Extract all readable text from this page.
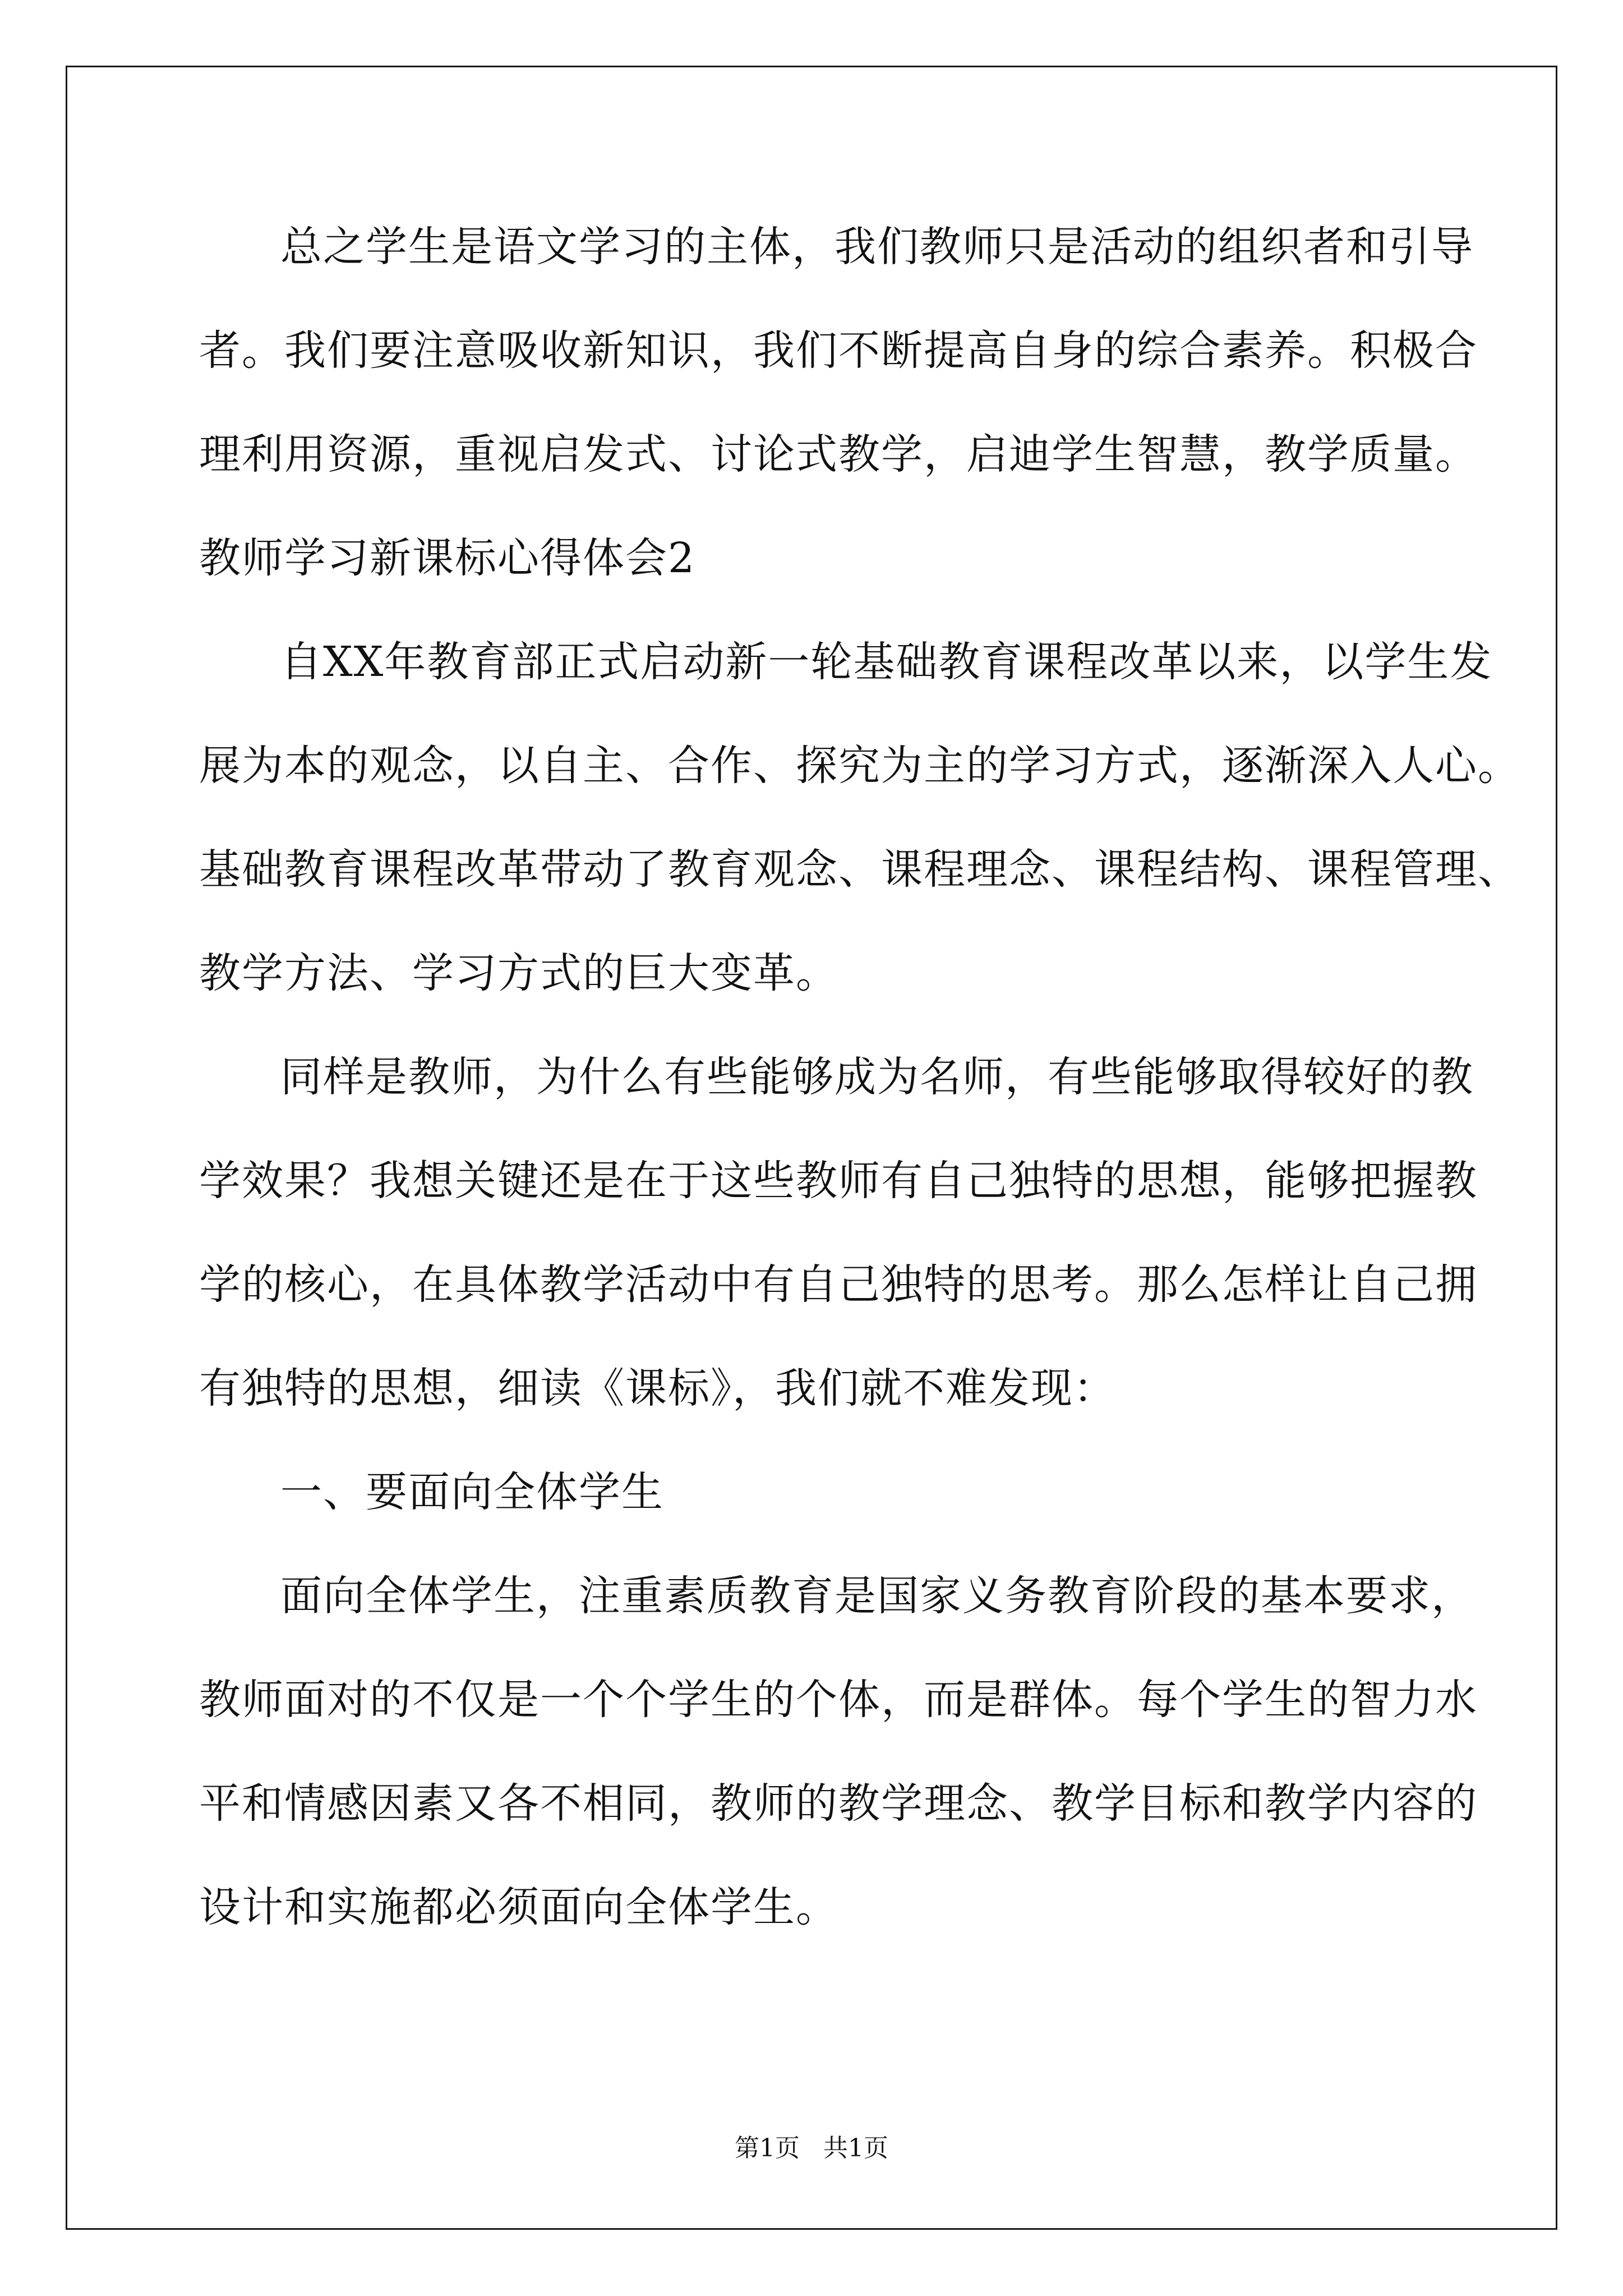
总之学生是语文学习的主体，我们教师只是活动的组织者和引导
者。我们要注意吸收新知识，我们不断提高自身的综合素养。积极合
理利用资源，重视启发式、讨论式教学，启迪学生智慧，教学质量。
教师学习新课标心得体会2
自XX年教育部正式启动新一轮基础教育课程改革以来，以学生发
展为本的观念，以自主、合作、探究为主的学习方式，逐渐深入人心。
基础教育课程改革带动了教育观念、课程理念、课程结构、课程管理、
教学方法、学习方式的巨大变革。
同样是教师，为什么有些能够成为名师，有些能够取得较好的教
学效果？我想关键还是在于这些教师有自己独特的思想，能够把握教
学的核心，在具体教学活动中有自己独特的思考。那么怎样让自己拥
有独特的思想，细读《课标》，我们就不难发现：
一、要面向全体学生
面向全体学生，注重素质教育是国家义务教育阶段的基本要求，
教师面对的不仅是一个个学生的个体，而是群体。每个学生的智力水
平和情感因素又各不相同，教师的教学理念、教学目标和教学内容的
设计和实施都必须面向全体学生。
第1页   共1页
